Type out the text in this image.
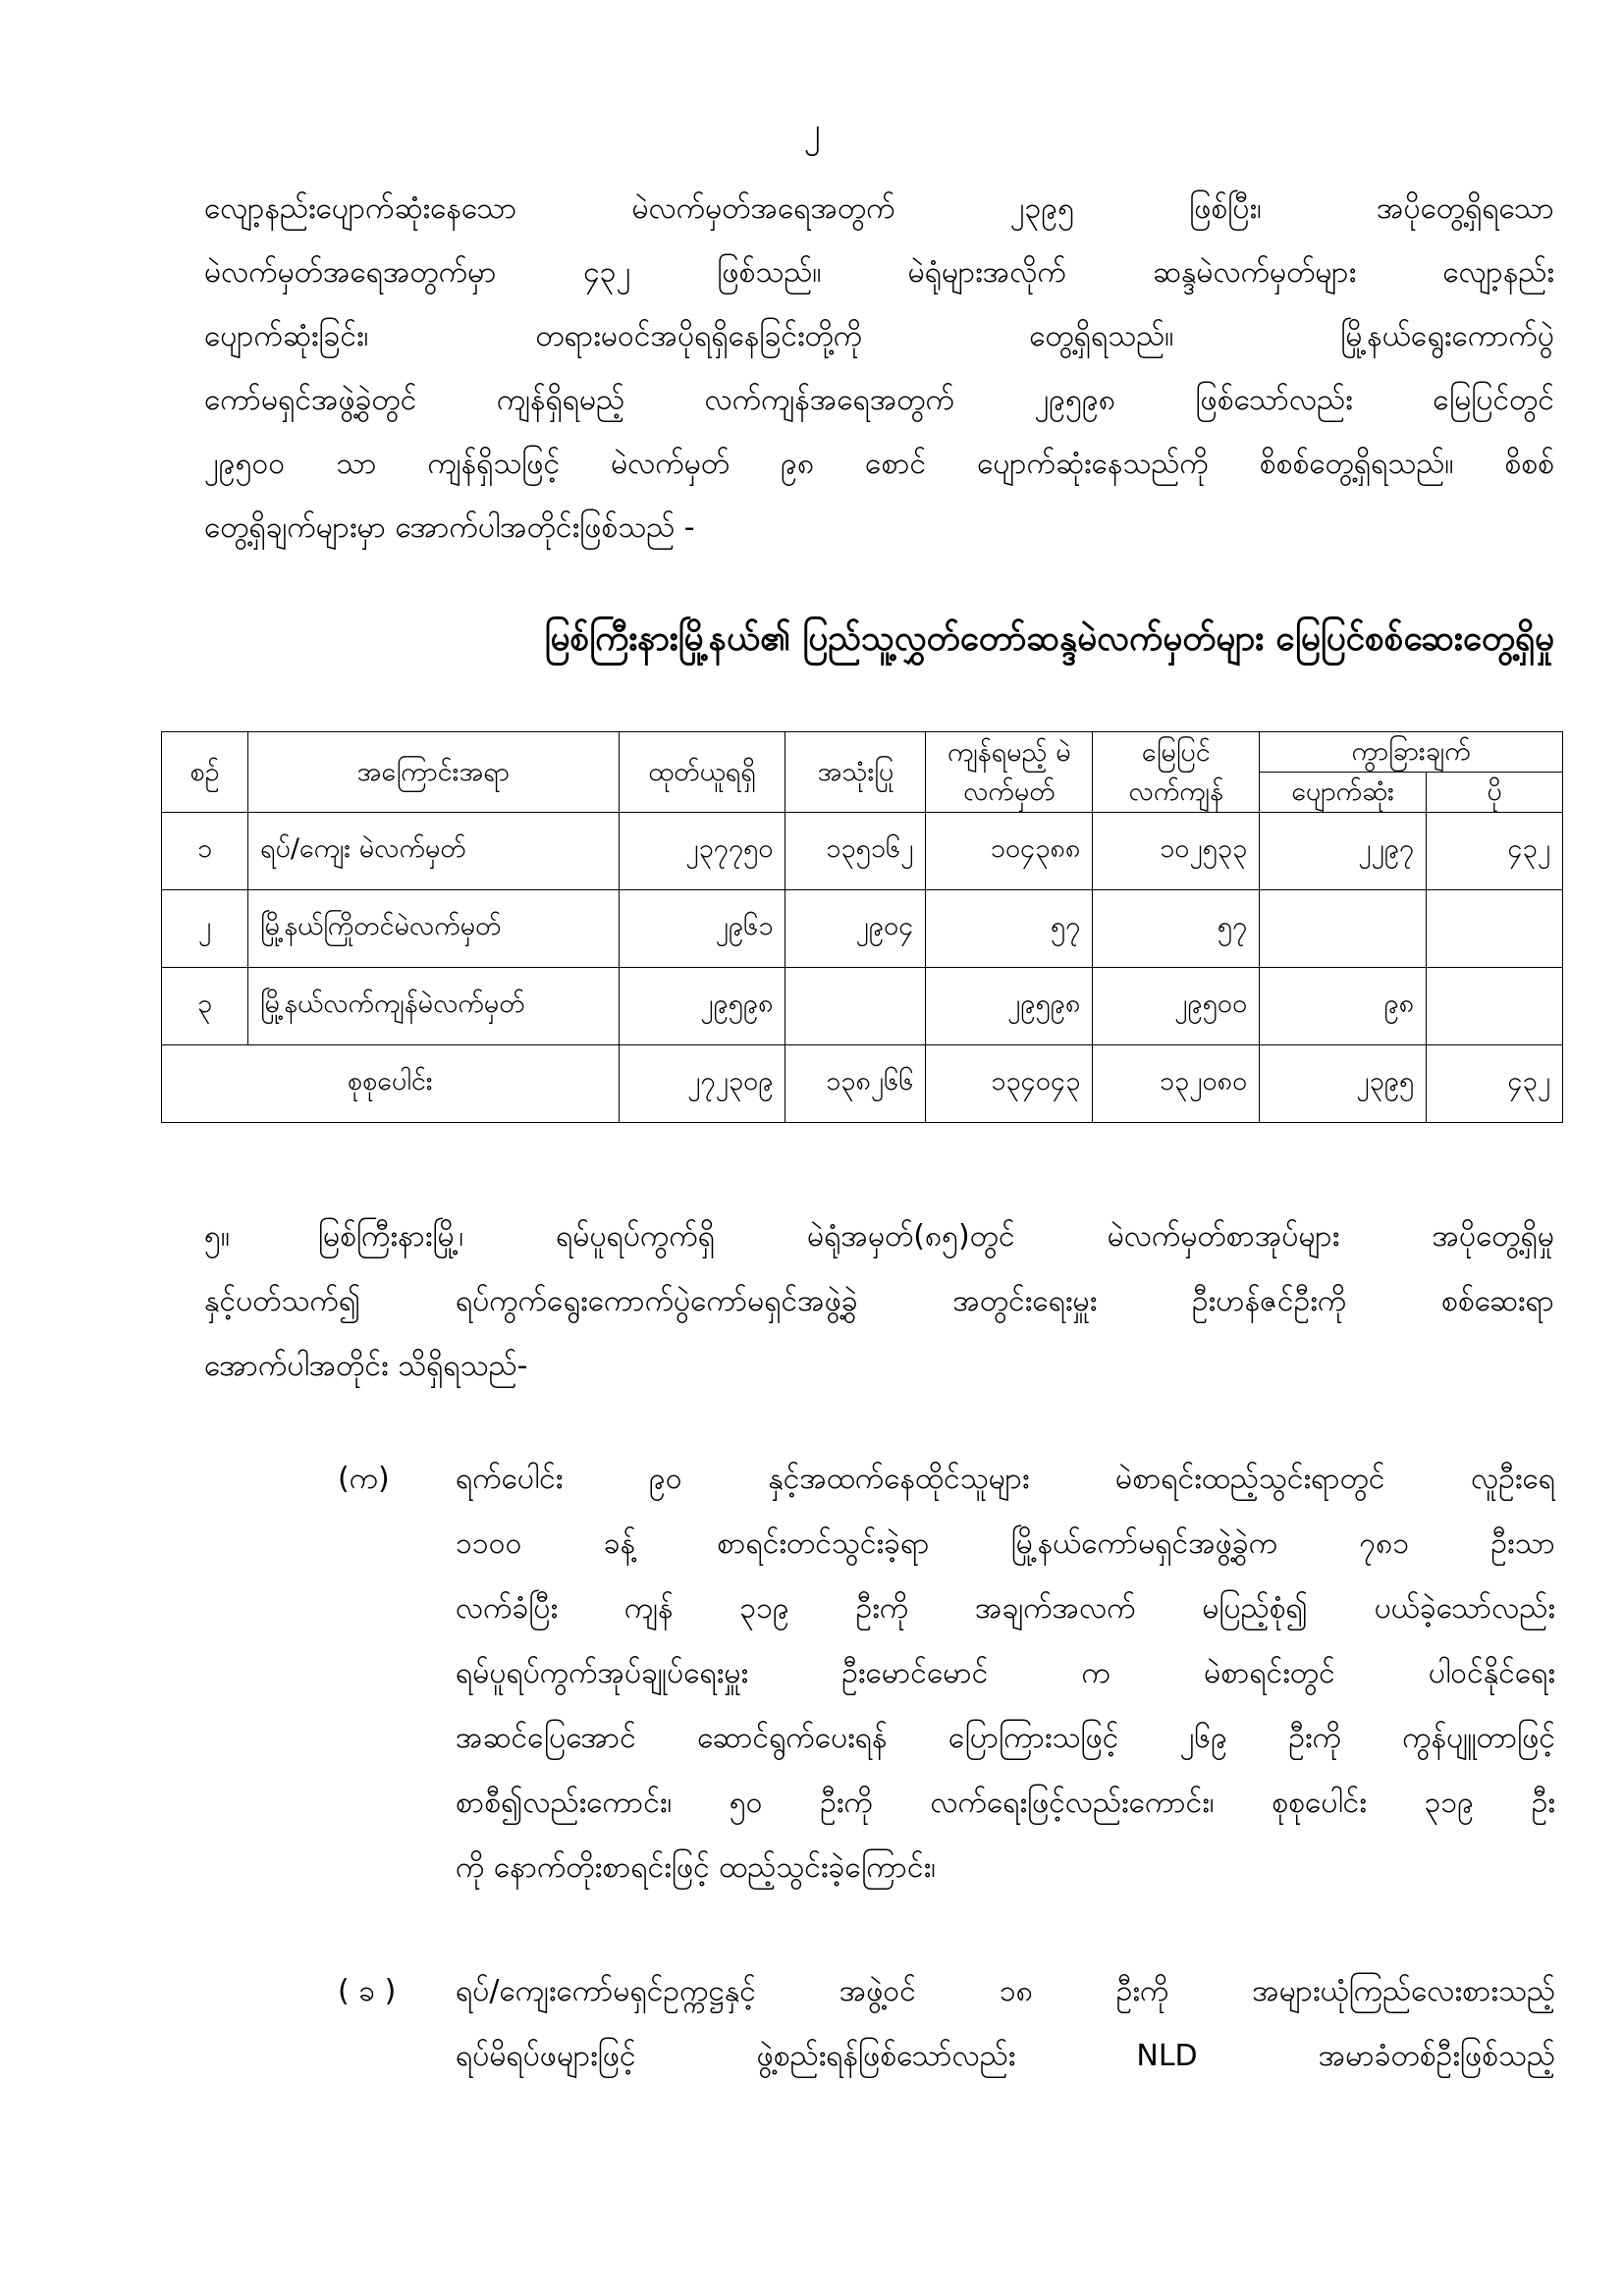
၂
လျော့နည်းပျောက်ဆုံးနေသော မဲလက်မှတ်အရေအတွက် ၂၃၉၅ ဖြစ်ပြီး၊ အပိုတွေ့ရှိရသော
မဲလက်မှတ်အရေအတွက်မှာ ၄၃၂ ဖြစ်သည်။ မဲရုံများအလိုက် ဆန္ဒမဲလက်မှတ်များ လျော့နည်း
ပျောက်ဆုံးခြင်း၊ တရားမဝင်အပိုရရှိနေခြင်းတို့ကို တွေ့ရှိရသည်။ မြို့နယ်ရွေးကောက်ပွဲ
ကော်မရှင်အဖွဲ့ခွဲတွင် ကျန်ရှိရမည့် လက်ကျန်အရေအတွက် ၂၉၅၉၈ ဖြစ်သော်လည်း မြေပြင်တွင်
၂၉၅၀၀ သာ ကျန်ရှိသဖြင့် မဲလက်မှတ် ၉၈ စောင် ပျောက်ဆုံးနေသည်ကို စိစစ်တွေ့ရှိရသည်။ စိစစ်
တွေ့ရှိချက်များမှာ အောက်ပါအတိုင်းဖြစ်သည် -
မြစ်ကြီးနားမြို့နယ်၏ ပြည်သူ့လွှတ်တော်ဆန္ဒမဲလက်မှတ်များ မြေပြင်စစ်ဆေးတွေ့ရှိမှု
စဉ်	အကြောင်းအရာ	ထုတ်ယူရရှိ	အသုံးပြု	ကျန်ရမည့် မဲလက်မှတ်	မြေပြင် လက်ကျန်	ကွာခြားချက်	
						ပျောက်ဆုံး	ပို
၁	ရပ်/ကျေး မဲလက်မှတ်	၂၃၇၇၅၀	၁၃၅၁၆၂	၁၀၄၃၈၈	၁၀၂၅၃၃	၂၂၉၇	၄၃၂
၂	မြို့နယ်ကြိုတင်မဲလက်မှတ်	၂၉၆၁	၂၉၀၄	၅၇	၅၇		
၃	မြို့နယ်လက်ကျန်မဲလက်မှတ်	၂၉၅၉၈		၂၉၅၉၈	၂၉၅၀၀	၉၈	
စုစုပေါင်း		၂၇၂၃၀၉	၁၃၈၂၆၆	၁၃၄၀၄၃	၁၃၂၀၈၀	၂၃၉၅	၄၃၂
၅။	မြစ်ကြီးနားမြို့၊ ရမ်ပူရပ်ကွက်ရှိ မဲရုံအမှတ်(၈၅)တွင် မဲလက်မှတ်စာအုပ်များ အပိုတွေ့ရှိမှု
နှင့်ပတ်သက်၍ ရပ်ကွက်ရွေးကောက်ပွဲကော်မရှင်အဖွဲ့ခွဲ အတွင်းရေးမှူး ဦးဟန်ဇင်ဦးကို စစ်ဆေးရာ
အောက်ပါအတိုင်း သိရှိရသည်-
(က) ရက်ပေါင်း ၉၀ နှင့်အထက်နေထိုင်သူများ မဲစာရင်းထည့်သွင်းရာတွင် လူဦးရေ
၁၁၀၀ ခန့် စာရင်းတင်သွင်းခဲ့ရာ မြို့နယ်ကော်မရှင်အဖွဲ့ခွဲက ၇၈၁ ဦးသာ
လက်ခံပြီး ကျန် ၃၁၉ ဦးကို အချက်အလက် မပြည့်စုံ၍ ပယ်ခဲ့သော်လည်း
ရမ်ပူရပ်ကွက်အုပ်ချုပ်ရေးမှူး ဦးမောင်မောင် က မဲစာရင်းတွင် ပါဝင်နိုင်ရေး
အဆင်ပြေအောင် ဆောင်ရွက်ပေးရန် ပြောကြားသဖြင့် ၂၆၉ ဦးကို ကွန်ပျူတာဖြင့်
စာစီ၍လည်းကောင်း၊ ၅၀ ဦးကို လက်ရေးဖြင့်လည်းကောင်း၊ စုစုပေါင်း ၃၁၉ ဦး
ကို နောက်တိုးစာရင်းဖြင့် ထည့်သွင်းခဲ့ကြောင်း၊
( ခ ) ရပ်/ကျေးကော်မရှင်ဥက္ကဋ္ဌနှင့် အဖွဲ့ဝင် ၁၈ ဦးကို အများယုံကြည်လေးစားသည့်
ရပ်မိရပ်ဖများဖြင့် ဖွဲ့စည်းရန်ဖြစ်သော်လည်း NLD အမာခံတစ်ဦးဖြစ်သည့်
